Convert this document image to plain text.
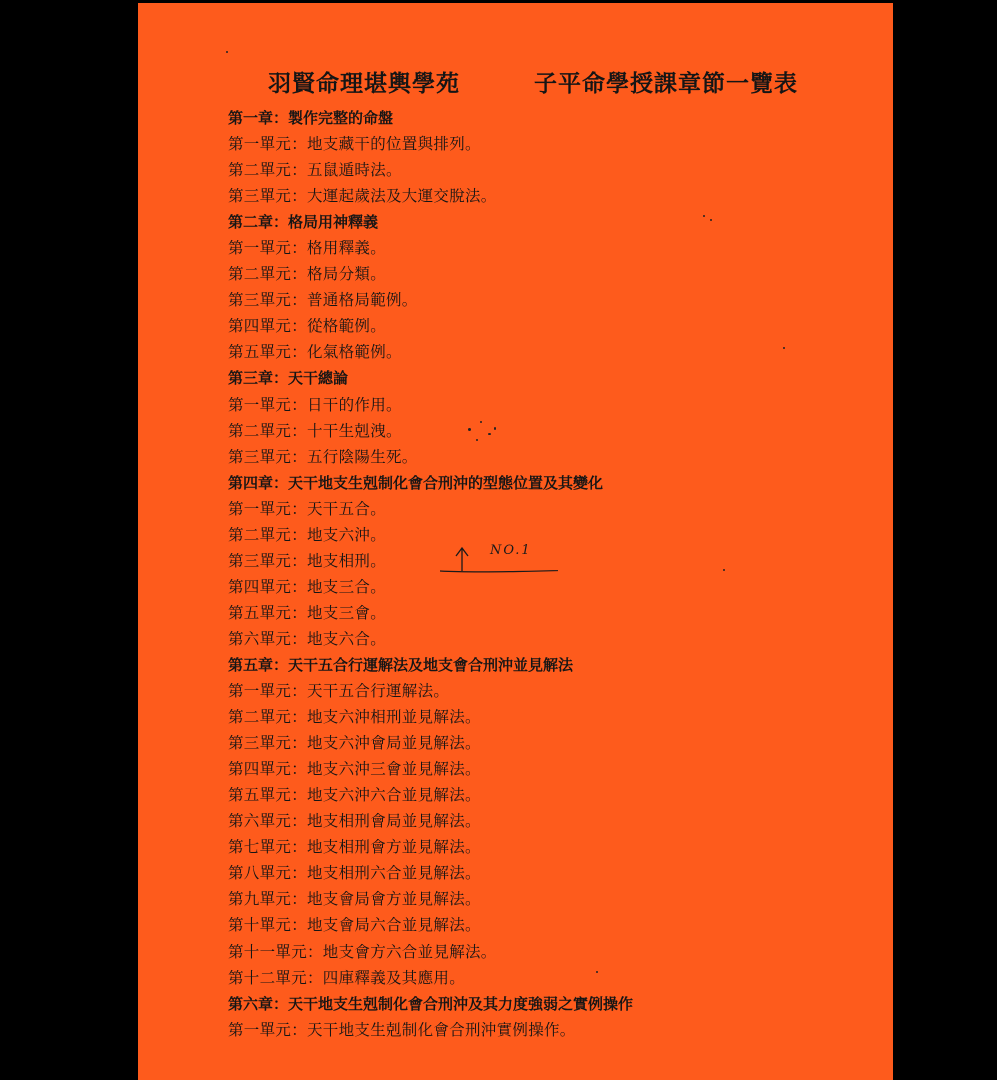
羽賢命理堪輿學苑	子平命學授課章節一覽表
第一章：製作完整的命盤
第一單元：地支藏干的位置與排列。
第二單元：五鼠遁時法。
第三單元：大運起歲法及大運交脫法。
第二章：格局用神釋義
第一單元：格用釋義。
第二單元：格局分類。
第三單元：普通格局範例。
第四單元：從格範例。
第五單元：化氣格範例。
第三章：天干總論
第一單元：日干的作用。
第二單元：十干生剋洩。
第三單元：五行陰陽生死。
第四章：天干地支生剋制化會合刑沖的型態位置及其變化
第一單元：天干五合。
第二單元：地支六沖。
第三單元：地支相刑。
第四單元：地支三合。
第五單元：地支三會。
第六單元：地支六合。
第五章：天干五合行運解法及地支會合刑沖並見解法
第一單元：天干五合行運解法。
第二單元：地支六沖相刑並見解法。
第三單元：地支六沖會局並見解法。
第四單元：地支六沖三會並見解法。
第五單元：地支六沖六合並見解法。
第六單元：地支相刑會局並見解法。
第七單元：地支相刑會方並見解法。
第八單元：地支相刑六合並見解法。
第九單元：地支會局會方並見解法。
第十單元：地支會局六合並見解法。
第十一單元：地支會方六合並見解法。
第十二單元：四庫釋義及其應用。
第六章：天干地支生剋制化會合刑沖及其力度強弱之實例操作
第一單元：天干地支生剋制化會合刑沖實例操作。
NO.1
